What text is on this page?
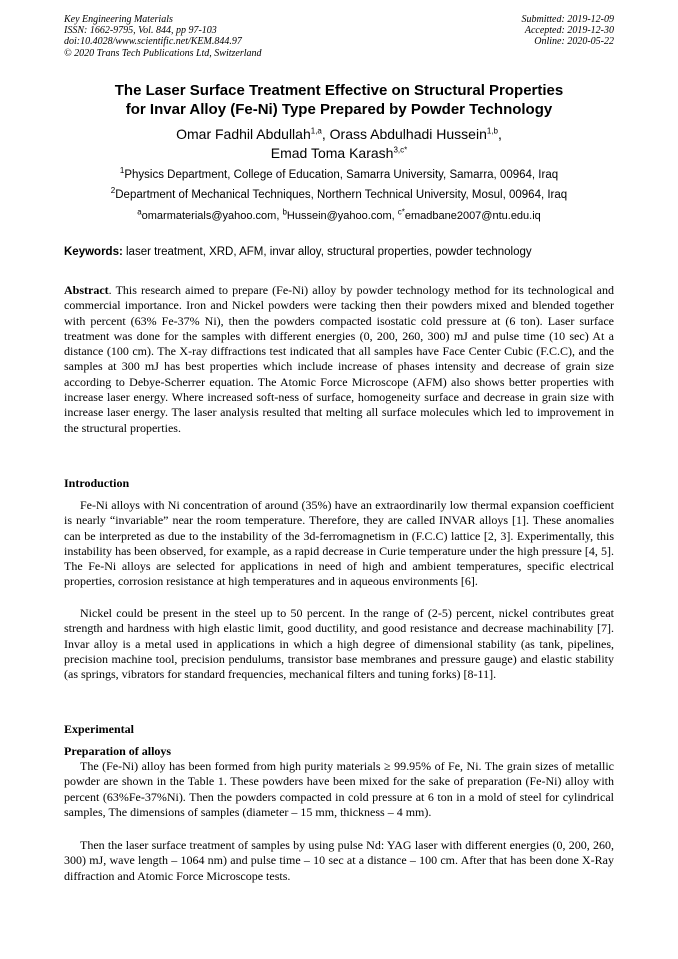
Key Engineering Materials
ISSN: 1662-9795, Vol. 844, pp 97-103
doi:10.4028/www.scientific.net/KEM.844.97
© 2020 Trans Tech Publications Ltd, Switzerland
Submitted: 2019-12-09
Accepted: 2019-12-30
Online: 2020-05-22
The Laser Surface Treatment Effective on Structural Properties
for Invar Alloy (Fe-Ni) Type Prepared by Powder Technology
Omar Fadhil Abdullah$^{1,a}$, Orass Abdulhadi Hussein$^{1,b}$,
Emad Toma Karash$^{3,c*}$
$^1$Physics Department, College of Education, Samarra University, Samarra, 00964, Iraq
$^2$Department of Mechanical Techniques, Northern Technical University, Mosul, 00964, Iraq
$^a$omarmaterials@yahoo.com, $^b$Hussein@yahoo.com, $^{c*}$emadbane2007@ntu.edu.iq
Keywords: laser treatment, XRD, AFM, invar alloy, structural properties, powder technology
Abstract. This research aimed to prepare (Fe-Ni) alloy by powder technology method for its technological and commercial importance. Iron and Nickel powders were tacking then their powders mixed and blended together with percent (63% Fe-37% Ni), then the powders compacted isostatic cold pressure at (6 ton). Laser surface treatment was done for the samples with different energies (0, 200, 260, 300) mJ and pulse time (10 sec) At a distance (100 cm). The X-ray diffractions test indicated that all samples have Face Center Cubic (F.C.C), and the samples at 300 mJ has best properties which include increase of phases intensity and decrease of grain size according to Debye-Scherrer equation. The Atomic Force Microscope (AFM) also shows better properties with increase laser energy. Where increased soft-ness of surface, homogeneity surface and decrease in grain size with increase laser energy. The laser analysis resulted that melting all surface molecules which led to improvement in the structural properties.
Introduction
Fe-Ni alloys with Ni concentration of around (35%) have an extraordinarily low thermal expansion coefficient is nearly “invariable” near the room temperature. Therefore, they are called INVAR alloys [1]. These anomalies can be interpreted as due to the instability of the 3d-ferromagnetism in (F.C.C) lattice [2, 3]. Experimentally, this instability has been observed, for example, as a rapid decrease in Curie temperature under the high pressure [4, 5]. The Fe-Ni alloys are selected for applications in need of high and ambient temperatures, specific electrical properties, corrosion resistance at high temperatures and in aqueous environments [6].
Nickel could be present in the steel up to 50 percent. In the range of (2-5) percent, nickel contributes great strength and hardness with high elastic limit, good ductility, and good resistance and decrease machinability [7]. Invar alloy is a metal used in applications in which a high degree of dimensional stability (as tank, pipelines, precision machine tool, precision pendulums, transistor base membranes and pressure gauge) and elastic stability (as springs, vibrators for standard frequencies, mechanical filters and tuning forks) [8-11].
Experimental
Preparation of alloys
The (Fe-Ni) alloy has been formed from high purity materials ≥ 99.95% of Fe, Ni. The grain sizes of metallic powder are shown in the Table 1. These powders have been mixed for the sake of preparation (Fe-Ni) alloy with percent (63%Fe-37%Ni). Then the powders compacted in cold pressure at 6 ton in a mold of steel for cylindrical samples, The dimensions of samples (diameter – 15 mm, thickness – 4 mm).
Then the laser surface treatment of samples by using pulse Nd: YAG laser with different energies (0, 200, 260, 300) mJ, wave length – 1064 nm) and pulse time – 10 sec at a distance – 100 cm. After that has been done X-Ray diffraction and Atomic Force Microscope tests.
